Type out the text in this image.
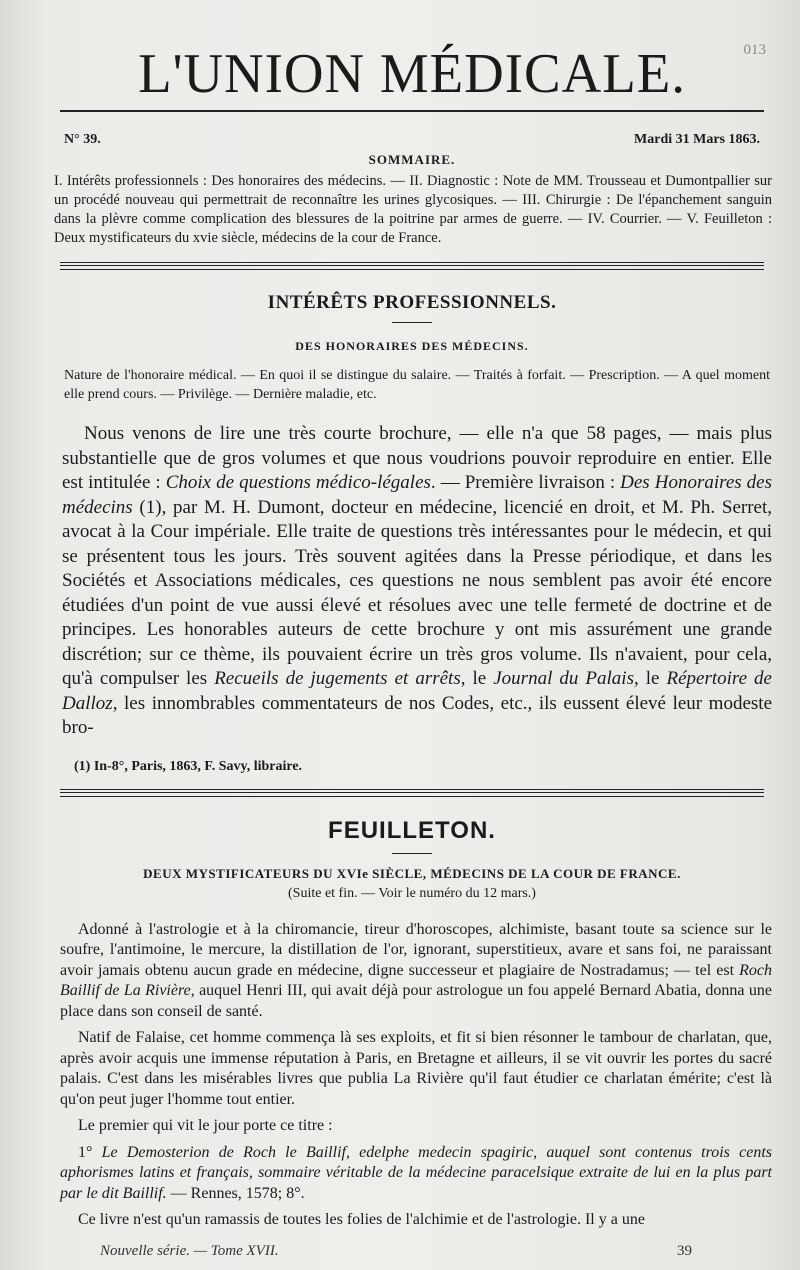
013
L'UNION MÉDICALE.
N° 39.	Mardi 31 Mars 1863.
SOMMAIRE.
I. Intérêts professionnels : Des honoraires des médecins. — II. Diagnostic : Note de MM. Trousseau et Dumontpallier sur un procédé nouveau qui permettrait de reconnaître les urines glycosiques. — III. Chirurgie : De l'épanchement sanguin dans la plèvre comme complication des blessures de la poitrine par armes de guerre. — IV. Courrier. — V. Feuilleton : Deux mystificateurs du xvie siècle, médecins de la cour de France.
INTÉRÊTS PROFESSIONNELS.
DES HONORAIRES DES MÉDECINS.
Nature de l'honoraire médical. — En quoi il se distingue du salaire. — Traités à forfait. — Prescription. — A quel moment elle prend cours. — Privilège. — Dernière maladie, etc.

Nous venons de lire une très courte brochure, — elle n'a que 58 pages, — mais plus substantielle que de gros volumes et que nous voudrions pouvoir reproduire en entier. Elle est intitulée : Choix de questions médico-légales. — Première livraison : Des Honoraires des médecins (1), par M. H. Dumont, docteur en médecine, licencié en droit, et M. Ph. Serret, avocat à la Cour impériale. Elle traite de questions très intéressantes pour le médecin, et qui se présentent tous les jours. Très souvent agitées dans la Presse périodique, et dans les Sociétés et Associations médicales, ces questions ne nous semblent pas avoir été encore étudiées d'un point de vue aussi élevé et résolues avec une telle fermeté de doctrine et de principes. Les honorables auteurs de cette brochure y ont mis assurément une grande discrétion; sur ce thème, ils pouvaient écrire un très gros volume. Ils n'avaient, pour cela, qu'à compulser les Recueils de jugements et arrêts, le Journal du Palais, le Répertoire de Dalloz, les innombrables commentateurs de nos Codes, etc., ils eussent élevé leur modeste bro-

(1) In-8°, Paris, 1863, F. Savy, libraire.
FEUILLETON.
DEUX MYSTIFICATEURS DU XVIe SIÈCLE, MÉDECINS DE LA COUR DE FRANCE.
(Suite et fin. — Voir le numéro du 12 mars.)

Adonné à l'astrologie et à la chiromancie, tireur d'horoscopes, alchimiste, basant toute sa science sur le soufre, l'antimoine, le mercure, la distillation de l'or, ignorant, superstitieux, avare et sans foi, ne paraissant avoir jamais obtenu aucun grade en médecine, digne successeur et plagiaire de Nostradamus; — tel est Roch Baillif de La Rivière, auquel Henri III, qui avait déjà pour astrologue un fou appelé Bernard Abatia, donna une place dans son conseil de santé.

Natif de Falaise, cet homme commença là ses exploits, et fit si bien résonner le tambour de charlatan, que, après avoir acquis une immense réputation à Paris, en Bretagne et ailleurs, il se vit ouvrir les portes du sacré palais. C'est dans les misérables livres que publia La Rivière qu'il faut étudier ce charlatan émérite; c'est là qu'on peut juger l'homme tout entier.

Le premier qui vit le jour porte ce titre :

1° Le Demosterion de Roch le Baillif, edelphe medecin spagiric, auquel sont contenus trois cents aphorismes latins et français, sommaire véritable de la médecine paracelsique extraite de lui en la plus part par le dit Baillif. — Rennes, 1578; 8°.

Ce livre n'est qu'un ramassis de toutes les folies de l'alchimie et de l'astrologie. Il y a une

Nouvelle série. — Tome XVII.	39
